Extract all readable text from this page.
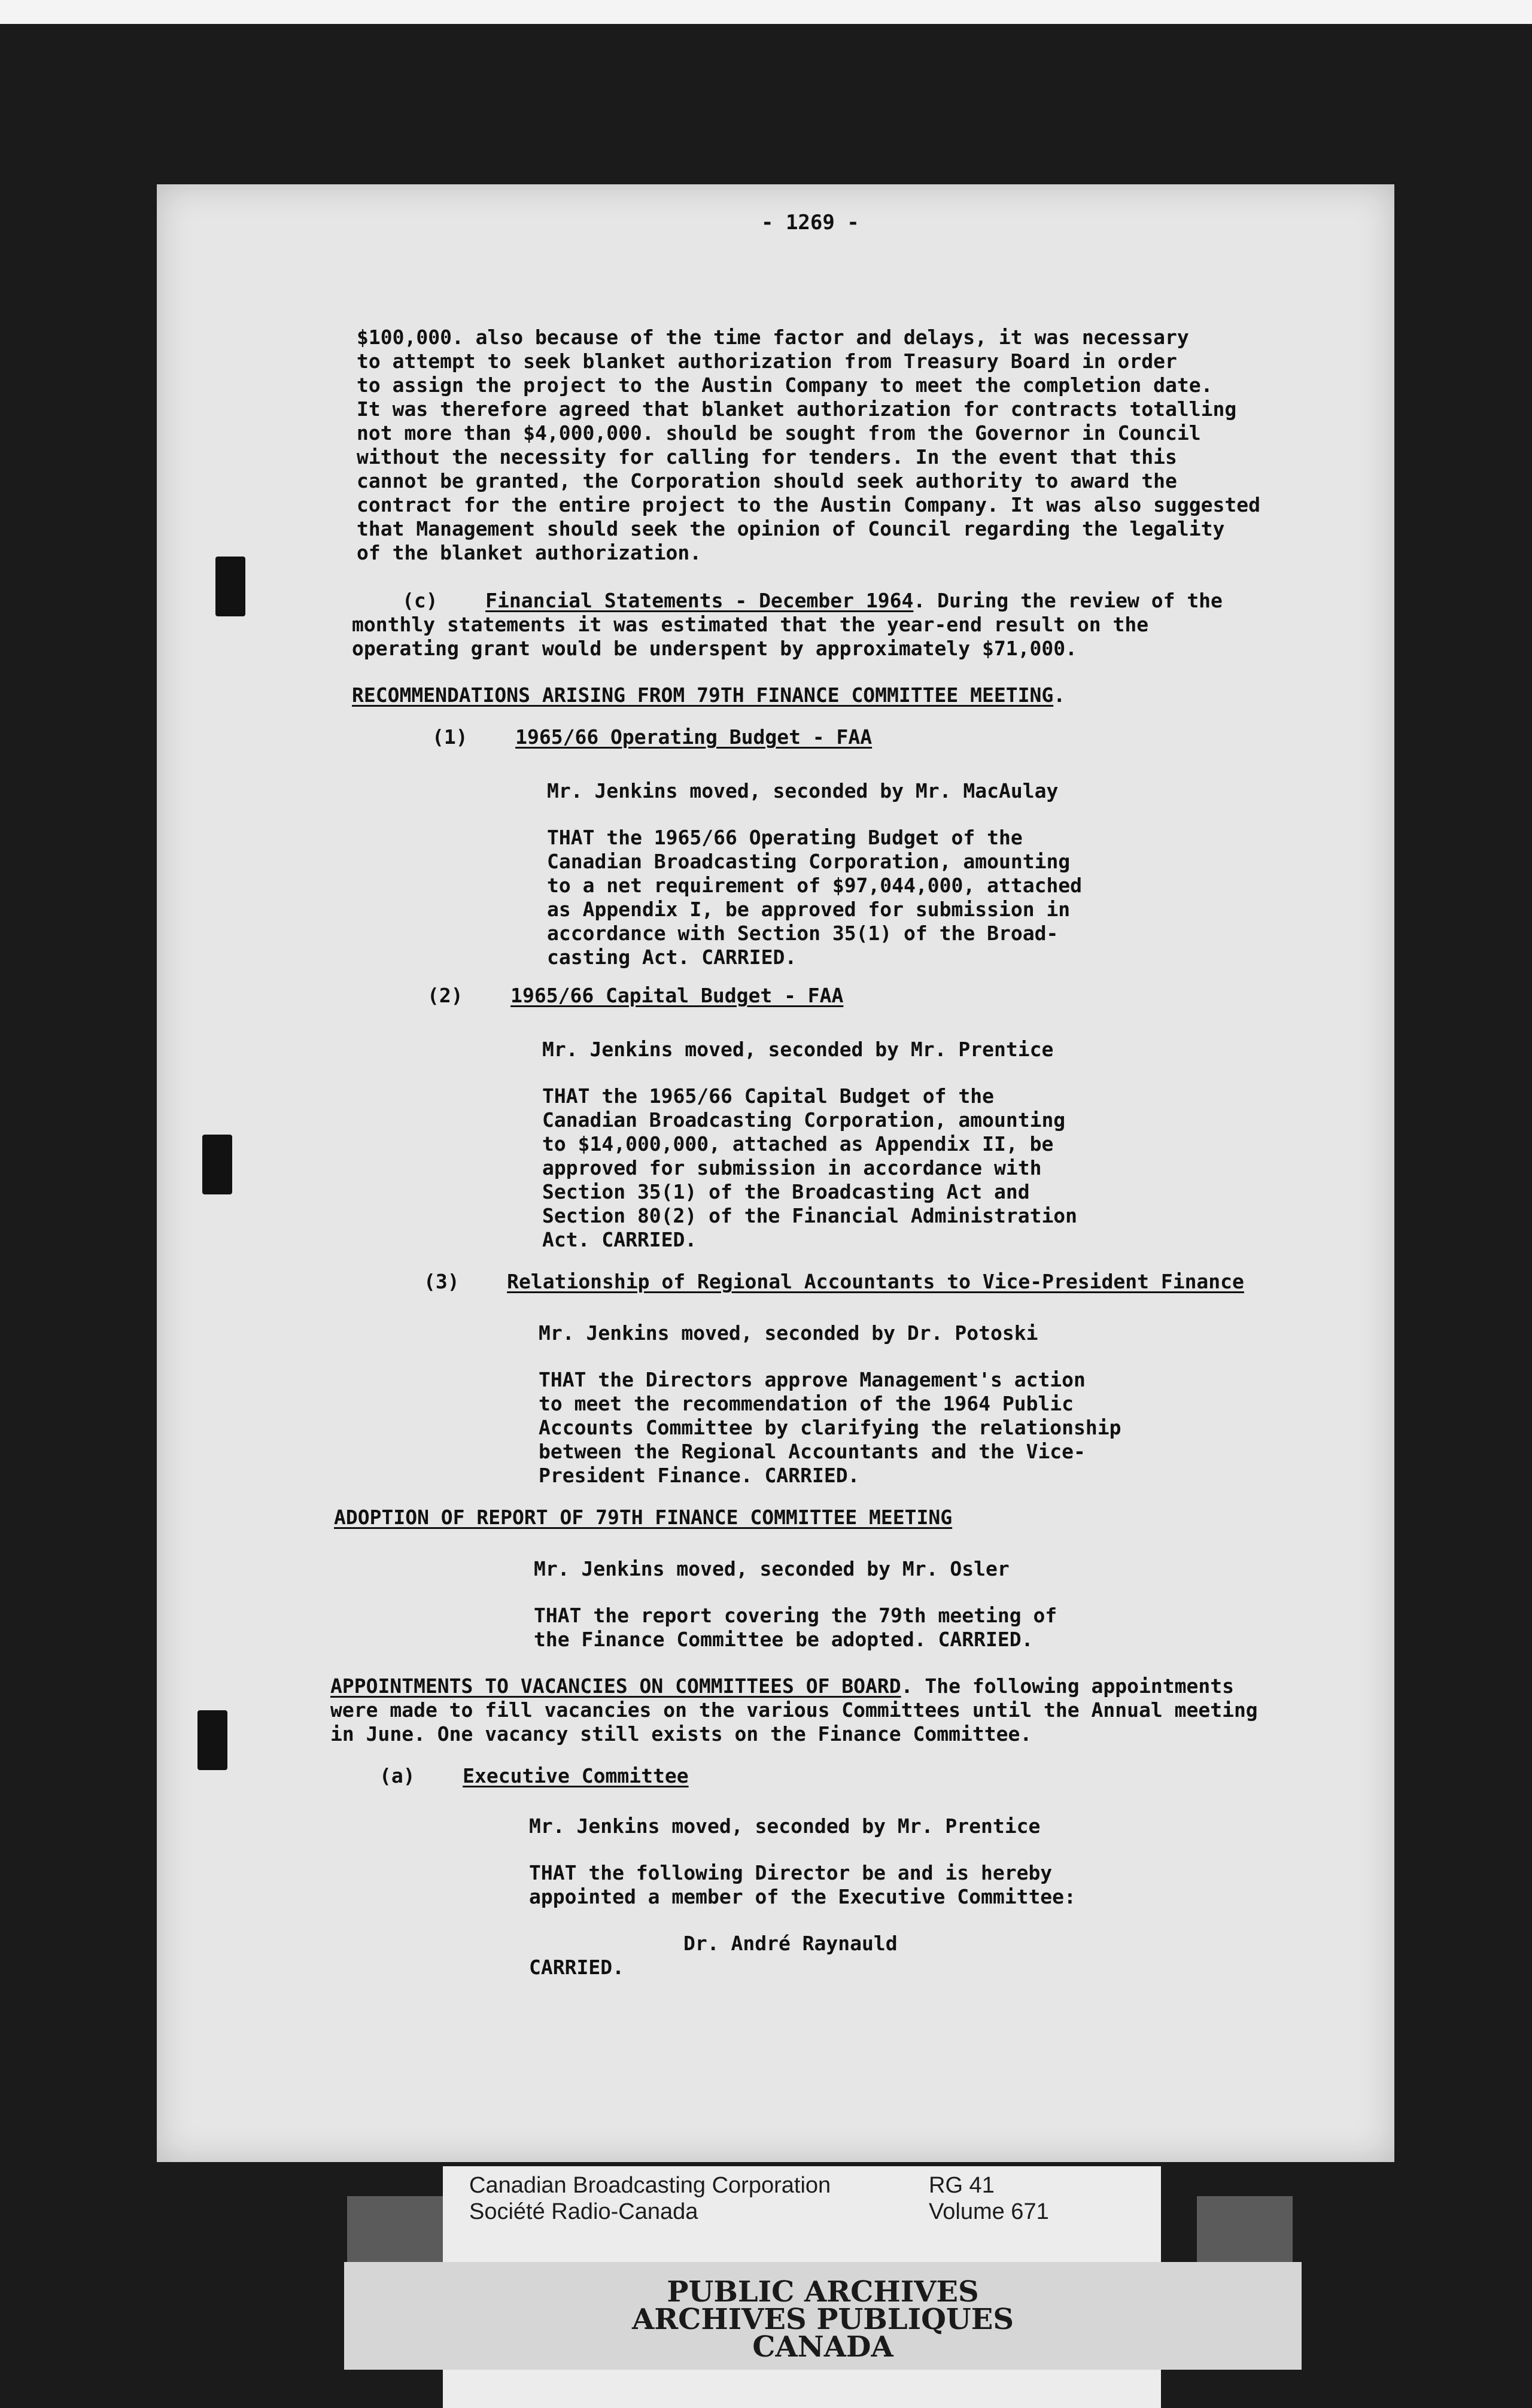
- 1269 -
$100,000. also because of the time factor and delays, it was necessary
to attempt to seek blanket authorization from Treasury Board in order
to assign the project to the Austin Company to meet the completion date.
It was therefore agreed that blanket authorization for contracts totalling
not more than $4,000,000. should be sought from the Governor in Council
without the necessity for calling for tenders. In the event that this
cannot be granted, the Corporation should seek authority to award the
contract for the entire project to the Austin Company. It was also suggested
that Management should seek the opinion of Council regarding the legality
of the blanket authorization.
(c) Financial Statements - December 1964. During the review of the
monthly statements it was estimated that the year-end result on the
operating grant would be underspent by approximately $71,000.
RECOMMENDATIONS ARISING FROM 79TH FINANCE COMMITTEE MEETING.
(1) 1965/66 Operating Budget - FAA
Mr. Jenkins moved, seconded by Mr. MacAulay
THAT the 1965/66 Operating Budget of the
Canadian Broadcasting Corporation, amounting
to a net requirement of $97,044,000, attached
as Appendix I, be approved for submission in
accordance with Section 35(1) of the Broad-
casting Act. CARRIED.
(2) 1965/66 Capital Budget - FAA
Mr. Jenkins moved, seconded by Mr. Prentice
THAT the 1965/66 Capital Budget of the
Canadian Broadcasting Corporation, amounting
to $14,000,000, attached as Appendix II, be
approved for submission in accordance with
Section 35(1) of the Broadcasting Act and
Section 80(2) of the Financial Administration
Act. CARRIED.
(3) Relationship of Regional Accountants to Vice-President Finance
Mr. Jenkins moved, seconded by Dr. Potoski
THAT the Directors approve Management's action
to meet the recommendation of the 1964 Public
Accounts Committee by clarifying the relationship
between the Regional Accountants and the Vice-
President Finance. CARRIED.
ADOPTION OF REPORT OF 79TH FINANCE COMMITTEE MEETING
Mr. Jenkins moved, seconded by Mr. Osler
THAT the report covering the 79th meeting of
the Finance Committee be adopted. CARRIED.
APPOINTMENTS TO VACANCIES ON COMMITTEES OF BOARD. The following appointments
were made to fill vacancies on the various Committees until the Annual meeting
in June. One vacancy still exists on the Finance Committee.
(a) Executive Committee
Mr. Jenkins moved, seconded by Mr. Prentice
THAT the following Director be and is hereby
appointed a member of the Executive Committee:
Dr. André Raynauld
CARRIED.
Canadian Broadcasting Corporation
Société Radio-Canada
RG 41
Volume 671
PUBLIC ARCHIVES
ARCHIVES PUBLIQUES
CANADA
